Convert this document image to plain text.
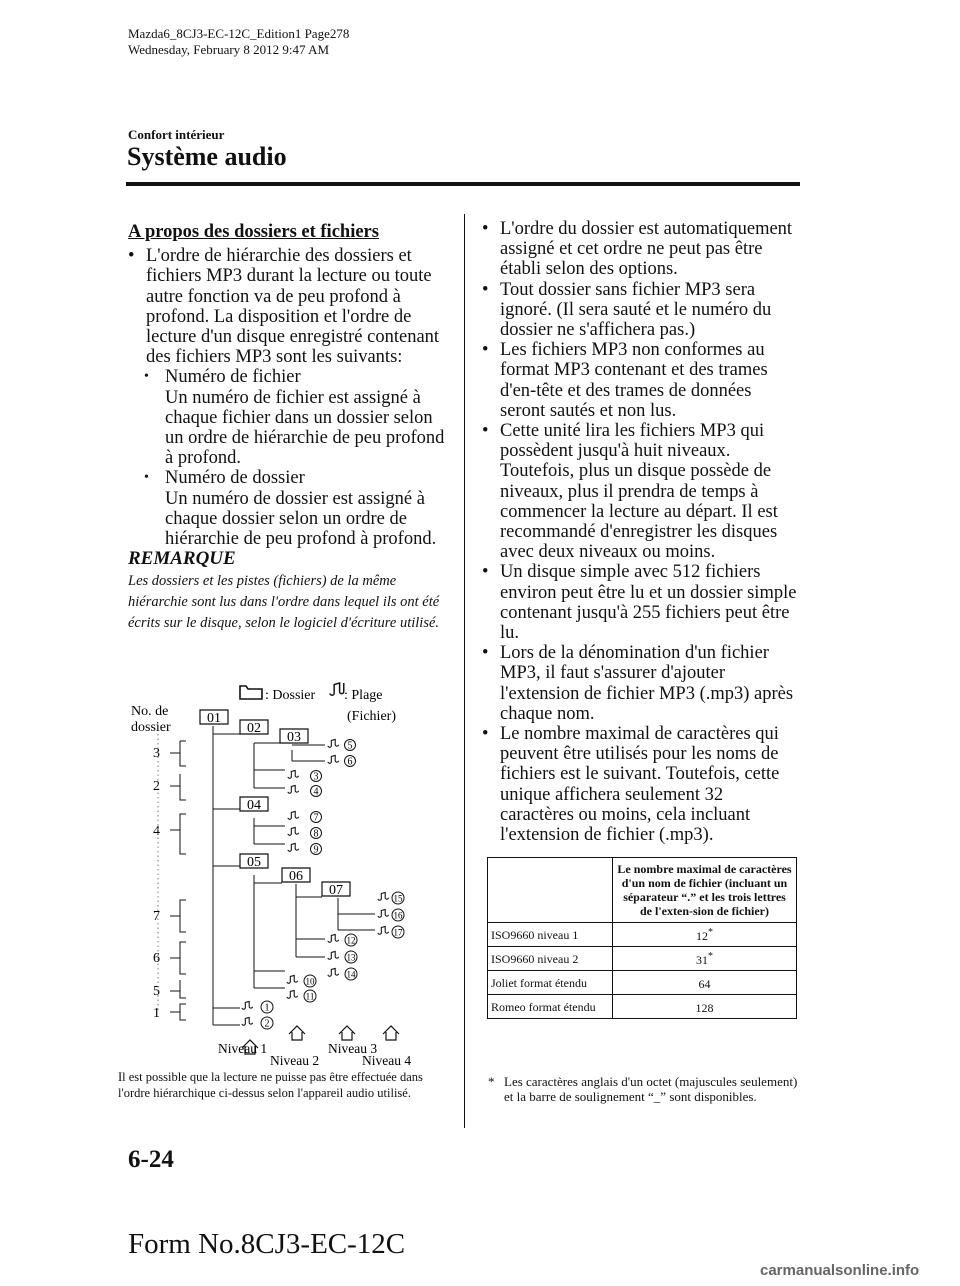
Mazda6_8CJ3-EC-12C_Edition1 Page278
Wednesday, February 8 2012 9:47 AM
Confort intérieur
Système audio

A propos des dossiers et fichiers

• L'ordre de hiérarchie des dossiers et fichiers MP3 durant la lecture ou toute autre fonction va de peu profond à profond. La disposition et l'ordre de lecture d'un disque enregistré contenant des fichiers MP3 sont les suivants:

• Numéro de fichier

Un numéro de fichier est assigné à chaque fichier dans un dossier selon un ordre de hiérarchie de peu profond à profond.

• Numéro de dossier

Un numéro de dossier est assigné à chaque dossier selon un ordre de hiérarchie de peu profond à profond.

REMARQUE

Les dossiers et les pistes (fichiers) de la même hiérarchie sont lus dans l'ordre dans lequel ils ont été écrits sur le disque, selon le logiciel d'écriture utilisé.

: Dossier : Plage
(Fichier)
No. de
dossier
3
2
4
7
6
5
1
01
02
03
04
05
06
07
5
6
3
4
7
8
9
15
16
17
12
13
14
10
11
1
2
Niveau 1
Niveau 2
Niveau 3
Niveau 4
Il est possible que la lecture ne puisse pas être effectuée dans l'ordre hiérarchique ci-dessus selon l'appareil audio utilisé.

• L'ordre du dossier est automatiquement assigné et cet ordre ne peut pas être établi selon des options.

• Tout dossier sans fichier MP3 sera ignoré. (Il sera sauté et le numéro du dossier ne s'affichera pas.)

• Les fichiers MP3 non conformes au format MP3 contenant et des trames d'en-tête et des trames de données seront sautés et non lus.

• Cette unité lira les fichiers MP3 qui possèdent jusqu'à huit niveaux. Toutefois, plus un disque possède de niveaux, plus il prendra de temps à commencer la lecture au départ. Il est recommandé d'enregistrer les disques avec deux niveaux ou moins.

• Un disque simple avec 512 fichiers environ peut être lu et un dossier simple contenant jusqu'à 255 fichiers peut être lu.

• Lors de la dénomination d'un fichier MP3, il faut s'assurer d'ajouter l'extension de fichier MP3 (.mp3) après chaque nom.

• Le nombre maximal de caractères qui peuvent être utilisés pour les noms de fichiers est le suivant. Toutefois, cette unique affichera seulement 32 caractères ou moins, cela incluant l'extension de fichier (.mp3).

	Le nombre maximal de caractères d'un nom de fichier (incluant un séparateur “.” et les trois lettres de l'exten-sion de fichier)
ISO9660 niveau 1	12*
ISO9660 niveau 2	31*
Joliet format étendu	64
Romeo format étendu	128
* Les caractères anglais d'un octet (majuscules seulement) et la barre de soulignement “_” sont disponibles.
6-24
Form No.8CJ3-EC-12C
carmanualsonline.info
